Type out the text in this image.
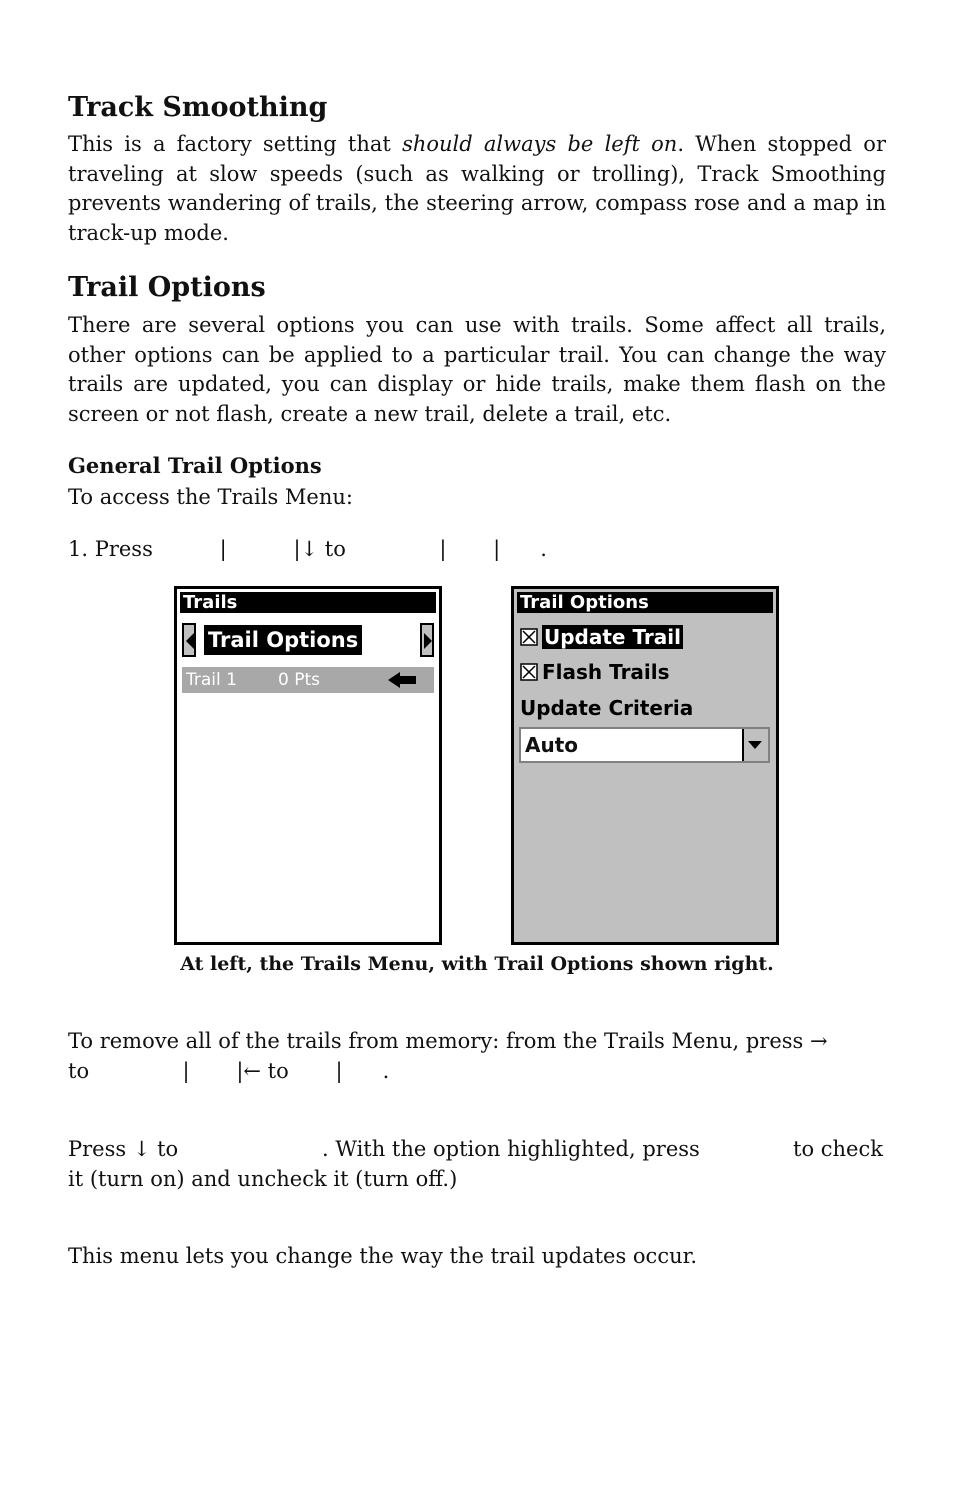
Track Smoothing

This is a factory setting that should always be left on. When stopped or traveling at slow speeds (such as walking or trolling), Track Smoothing prevents wandering of trails, the steering arrow, compass rose and a map in track-up mode.

Trail Options

There are several options you can use with trails. Some affect all trails, other options can be applied to a particular trail. You can change the way trails are updated, you can display or hide trails, make them flash on the screen or not flash, create a new trail, delete a trail, etc.

General Trail Options

To access the Trails Menu:

1. Press          |          |↓ to              |       |      .

Trails
Trail Options
Trail 1 0 Pts
Trail Options
Update Trail
Flash Trails
Update Criteria
Auto

At left, the Trails Menu, with Trail Options shown right.

To remove all of the trails from memory: from the Trails Menu, press →

to              |       |← to       |      .

Press ↓ to	. With the option highlighted, press	to check

it (turn on) and uncheck it (turn off.)

This menu lets you change the way the trail updates occur.
